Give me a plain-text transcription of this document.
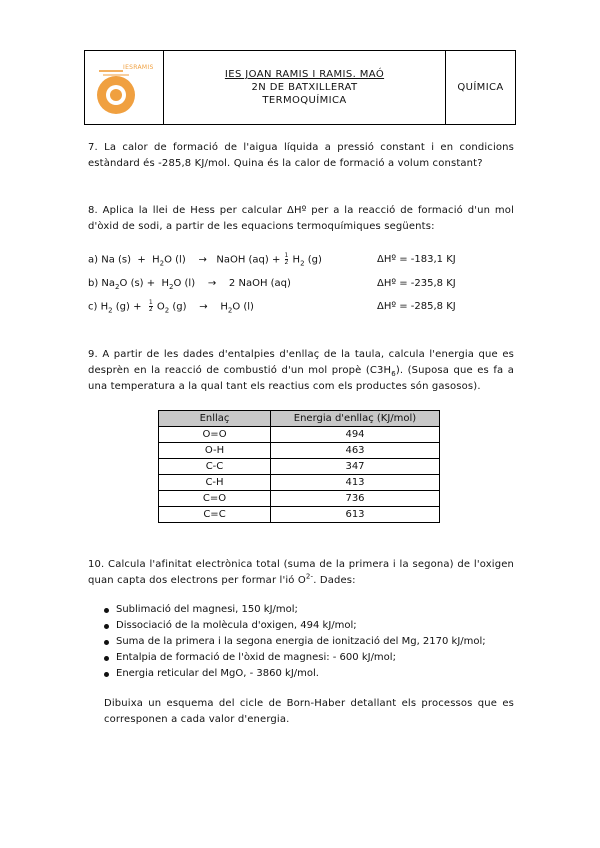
IESRAMIS
IES JOAN RAMIS I RAMIS. MAÓ
2N DE BATXILLERAT
TERMOQUÍMICA
QUÍMICA
7. La calor de formació de l'aigua líquida a pressió constant i en condicions estàndard és -285,8 KJ/mol. Quina és la calor de formació a volum constant?
8. Aplica la llei de Hess per calcular ΔHº per a la reacció de formació d'un mol d'òxid de sodi, a partir de les equacions termoquímiques següents:
a) Na $(s) + H_2O$ (l)    →   NaOH $(aq) + \frac{1}{2} H_2$ (g)	ΔHº = -183,1 KJ
b) $Na_2O$ $(s) + H_2O$ (l)    →    2 NaOH (aq)	ΔHº = -235,8 KJ
c) $H_2$ $(g) + \frac{1}{2} O_2$ (g)    →    $H_2O$ (l)	ΔHº = -285,8 KJ
9. A partir de les dades d'entalpies d'enllaç de la taula, calcula l'energia que es desprèn en la reacció de combustió d'un mol propè $(C3H_6)$. (Suposa que es fa a una temperatura a la qual tant els reactius com els productes són gasosos).
Enllaç	Energia d'enllaç (KJ/mol)
O=O	494
O-H	463
C-C	347
C-H	413
C=O	736
C=C	613
10. Calcula l'afinitat electrònica total (suma de la primera i la segona) de l'oxigen quan capta dos electrons per formar l'ió $O^{2-}$. Dades:
Sublimació del magnesi, 150 kJ/mol;
Dissociació de la molècula d'oxigen, 494 kJ/mol;
Suma de la primera i la segona energia de ionització del Mg, 2170 kJ/mol;
Entalpia de formació de l'òxid de magnesi: - 600 kJ/mol;
Energia reticular del MgO, - 3860 kJ/mol.
Dibuixa un esquema del cicle de Born-Haber detallant els processos que es corresponen a cada valor d'energia.
